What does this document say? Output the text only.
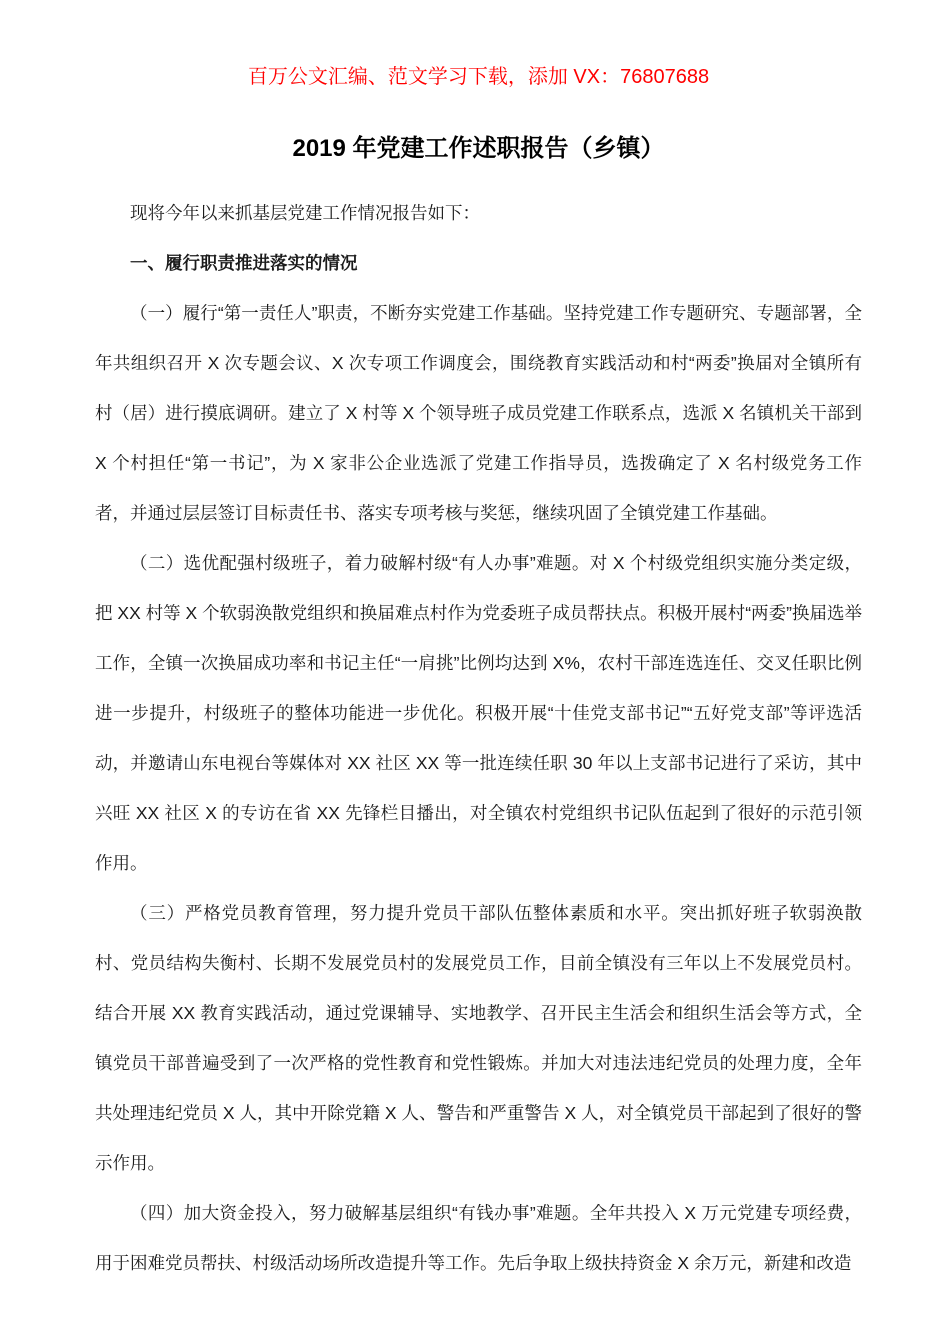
百万公文汇编、范文学习下载，添加 VX：76807688
2019 年党建工作述职报告（乡镇）

现将今年以来抓基层党建工作情况报告如下：

一、履行职责推进落实的情况

（一）履行“第一责任人”职责，不断夯实党建工作基础。坚持党建工作专题研究、专题部署，全年共组织召开 X 次专题会议、X 次专项工作调度会，围绕教育实践活动和村“两委”换届对全镇所有村（居）进行摸底调研。建立了 X 村等 X 个领导班子成员党建工作联系点，选派 X 名镇机关干部到 X 个村担任“第一书记”，为 X 家非公企业选派了党建工作指导员，选拨确定了 X 名村级党务工作者，并通过层层签订目标责任书、落实专项考核与奖惩，继续巩固了全镇党建工作基础。

（二）选优配强村级班子，着力破解村级“有人办事”难题。对 X 个村级党组织实施分类定级，把 XX 村等 X 个软弱涣散党组织和换届难点村作为党委班子成员帮扶点。积极开展村“两委”换届选举工作，全镇一次换届成功率和书记主任“一肩挑”比例均达到 X%，农村干部连选连任、交叉任职比例进一步提升，村级班子的整体功能进一步优化。积极开展“十佳党支部书记”“五好党支部”等评选活动，并邀请山东电视台等媒体对 XX 社区 XX 等一批连续任职 30 年以上支部书记进行了采访，其中兴旺 XX 社区 X 的专访在省 XX 先锋栏目播出，对全镇农村党组织书记队伍起到了很好的示范引领作用。

（三）严格党员教育管理，努力提升党员干部队伍整体素质和水平。突出抓好班子软弱涣散村、党员结构失衡村、长期不发展党员村的发展党员工作，目前全镇没有三年以上不发展党员村。结合开展 XX 教育实践活动，通过党课辅导、实地教学、召开民主生活会和组织生活会等方式，全镇党员干部普遍受到了一次严格的党性教育和党性锻炼。并加大对违法违纪党员的处理力度，全年共处理违纪党员 X 人，其中开除党籍 X 人、警告和严重警告 X 人，对全镇党员干部起到了很好的警示作用。

（四）加大资金投入，努力破解基层组织“有钱办事”难题。全年共投入 X 万元党建专项经费，用于困难党员帮扶、村级活动场所改造提升等工作。先后争取上级扶持资金 X 余万元，新建和改造
